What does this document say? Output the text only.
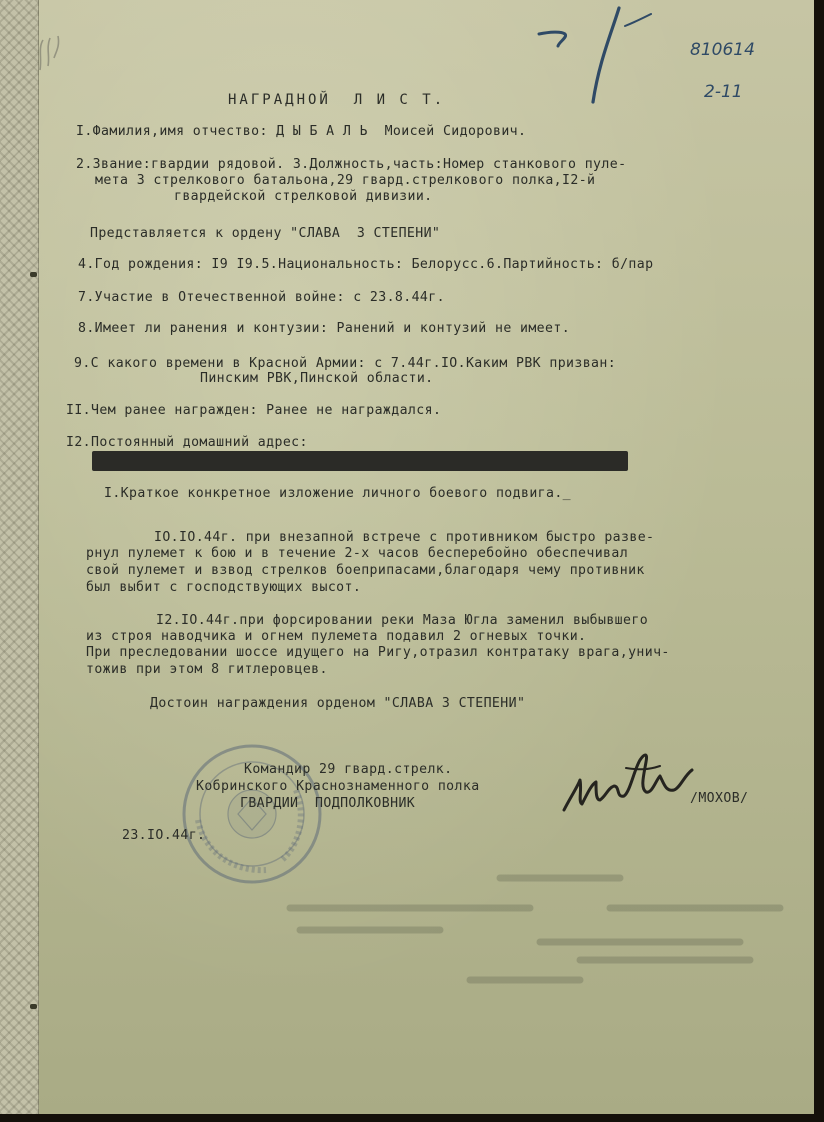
810614
2-11

НАГРАДНОЙ  Л И С Т.

I.Фамилия,имя отчество: Д Ы Б А Л Ь  Моисей Сидорович.

2.Звание:гвардии рядовой. 3.Должность,часть:Номер станкового пуле-

мета 3 стрелкового батальона,29 гвард.стрелкового полка,I2-й

гвардейской стрелковой дивизии.

Представляется к ордену "СЛАВА  3 СТЕПЕНИ"

4.Год рождения: I9 I9.5.Национальность: Белорусс.6.Партийность: б/пар

7.Участие в Отечественной войне: с 23.8.44г.

8.Имеет ли ранения и контузии: Ранений и контузий не имеет.

9.С какого времени в Красной Армии: с 7.44г.IO.Каким РВК призван:

Пинским РВК,Пинской области.

II.Чем ранее награжден: Ранее не награждался.

I2.Постоянный домашний адрес:

I.Краткое конкретное изложение личного боевого подвига._

IO.IO.44г. при внезапной встрече с противником быстро разве-

рнул пулемет к бою и в течение 2-х часов бесперебойно обеспечивал

свой пулемет и взвод стрелков боеприпасами,благодаря чему противник

был выбит с господствующих высот.

I2.IO.44г.при форсировании реки Маза Югла заменил выбывшего

из строя наводчика и огнем пулемета подавил 2 огневых точки.

При преследовании шоссе идущего на Ригу,отразил контратаку врага,унич-

тожив при этом 8 гитлеровцев.

Достоин награждения орденом "СЛАВА 3 СТЕПЕНИ"

Командир 29 гвард.стрелк.

Кобринского Краснознаменного полка

ГВАРДИИ  ПОДПОЛКОВНИК	/МОХОВ/

23.IO.44г.
